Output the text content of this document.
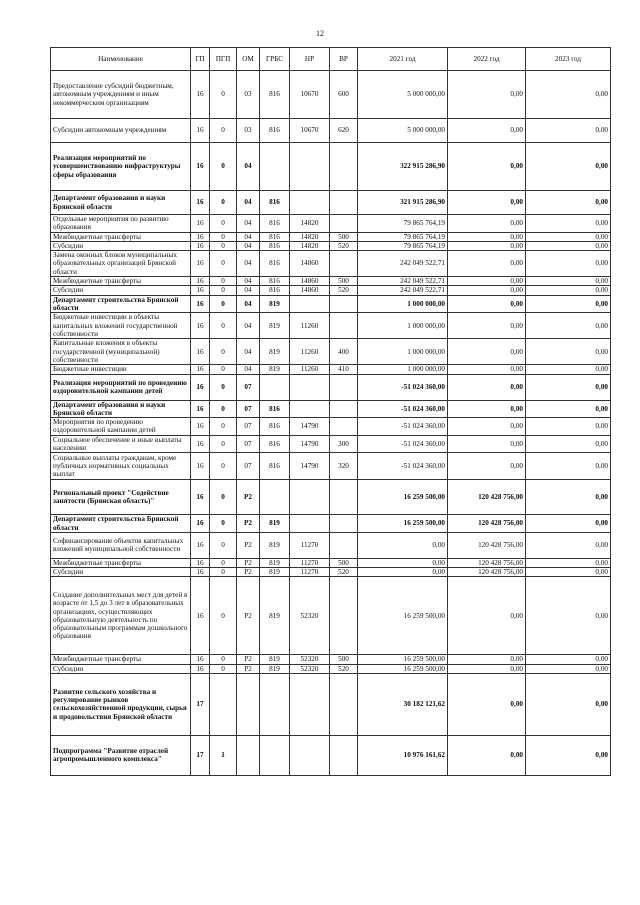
12
Наименование	ГП	ПГП	ОМ	ГРБС	НР	ВР	2021 год	2022 год	2023 год
Предоставление субсидий бюджетным, автономным учреждениям и иным некоммерческим организациям	16	0	03	816	10670	600	5 000 000,00	0,00	0,00
Субсидии автономным учреждениям	16	0	03	816	10670	620	5 000 000,00	0,00	0,00
Реализация мероприятий по усовершенствованию инфраструктуры сферы образования	16	0	04				322 915 286,90	0,00	0,00
Департамент образования и науки Брянской области	16	0	04	816			321 915 286,90	0,00	0,00
Отдельные мероприятия по развитию образования	16	0	04	816	14820		79 865 764,19	0,00	0,00
Межбюджетные трансферты	16	0	04	816	14820	500	79 865 764,19	0,00	0,00
Субсидии	16	0	04	816	14820	520	79 865 764,19	0,00	0,00
Замена оконных блоков муниципальных образовательных организаций Брянской области	16	0	04	816	14860		242 049 522,71	0,00	0,00
Межбюджетные трансферты	16	0	04	816	14860	500	242 049 522,71	0,00	0,00
Субсидии	16	0	04	816	14860	520	242 049 522,71	0,00	0,00
Департамент строительства Брянской области	16	0	04	819			1 000 000,00	0,00	0,00
Бюджетные инвестиции в объекты капитальных вложений государственной собственности	16	0	04	819	11260		1 000 000,00	0,00	0,00
Капитальные вложения в объекты государственной (муниципальной) собственности	16	0	04	819	11260	400	1 000 000,00	0,00	0,00
Бюджетные инвестиции	16	0	04	819	11260	410	1 000 000,00	0,00	0,00
Реализация мероприятий по проведению оздоровительной кампании детей	16	0	07				-51 024 360,00	0,00	0,00
Департамент образования и науки Брянской области	16	0	07	816			-51 024 360,00	0,00	0,00
Мероприятия по проведению оздоровительной кампании детей	16	0	07	816	14790		-51 024 360,00	0,00	0,00
Социальное обеспечение и иные выплаты населению	16	0	07	816	14790	300	-51 024 360,00	0,00	0,00
Социальные выплаты гражданам, кроме публичных нормативных социальных выплат	16	0	07	816	14790	320	-51 024 360,00	0,00	0,00
Региональный проект "Содействие занятости (Брянская область)"	16	0	P2				16 259 500,00	120 428 756,00	0,00
Департамент строительства Брянской области	16	0	P2	819			16 259 500,00	120 428 756,00	0,00
Софинансирование объектов капитальных вложений муниципальной собственности	16	0	P2	819	11270		0,00	120 428 756,00	0,00
Межбюджетные трансферты	16	0	P2	819	11270	500	0,00	120 428 756,00	0,00
Субсидии	16	0	P2	819	11270	520	0,00	120 428 756,00	0,00
Создание дополнительных мест для детей в возрасте от 1,5 до 3 лет в образовательных организациях, осуществляющих образовательную деятельность по образовательным программам дошкольного образования	16	0	P2	819	52320		16 259 500,00	0,00	0,00
Межбюджетные трансферты	16	0	P2	819	52320	500	16 259 500,00	0,00	0,00
Субсидии	16	0	P2	819	52320	520	16 259 500,00	0,00	0,00
Развитие сельского хозяйства и регулирование рынков сельскохозяйственной продукции, сырья и продовольствия Брянской области	17						30 182 121,62	0,00	0,00
Подпрограмма "Развитие отраслей агропромышленного комплекса"	17	1					10 976 161,62	0,00	0,00
